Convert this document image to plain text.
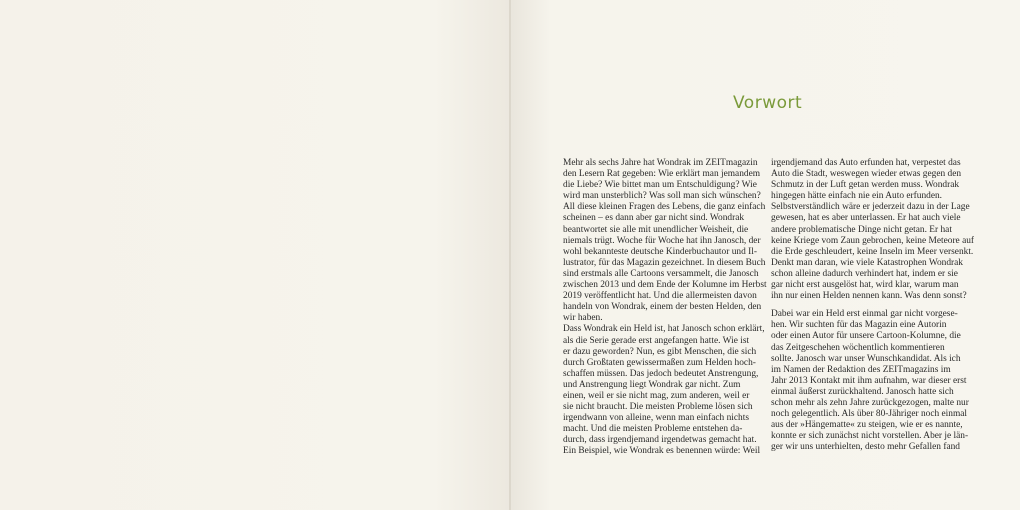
Vorwort
Mehr als sechs Jahre hat Wondrak im ZEITmagazin
den Lesern Rat gegeben: Wie erklärt man jemandem
die Liebe? Wie bittet man um Entschuldigung? Wie
wird man unsterblich? Was soll man sich wünschen?
All diese kleinen Fragen des Lebens, die ganz einfach
scheinen – es dann aber gar nicht sind. Wondrak
beantwortet sie alle mit unendlicher Weisheit, die
niemals trügt. Woche für Woche hat ihn Janosch, der
wohl bekannteste deutsche Kinderbuchautor und Il-
lustrator, für das Magazin gezeichnet. In diesem Buch
sind erstmals alle Cartoons versammelt, die Janosch
zwischen 2013 und dem Ende der Kolumne im Herbst
2019 veröffentlicht hat. Und die allermeisten davon
handeln von Wondrak, einem der besten Helden, den
wir haben.
Dass Wondrak ein Held ist, hat Janosch schon erklärt,
als die Serie gerade erst angefangen hatte. Wie ist
er dazu geworden? Nun, es gibt Menschen, die sich
durch Großtaten gewissermaßen zum Helden hoch-
schaffen müssen. Das jedoch bedeutet Anstrengung,
und Anstrengung liegt Wondrak gar nicht. Zum
einen, weil er sie nicht mag, zum anderen, weil er
sie nicht braucht. Die meisten Probleme lösen sich
irgendwann von alleine, wenn man einfach nichts
macht. Und die meisten Probleme entstehen da-
durch, dass irgendjemand irgendetwas gemacht hat.
Ein Beispiel, wie Wondrak es benennen würde: Weil
irgendjemand das Auto erfunden hat, verpestet das
Auto die Stadt, weswegen wieder etwas gegen den
Schmutz in der Luft getan werden muss. Wondrak
hingegen hätte einfach nie ein Auto erfunden.
Selbstverständlich wäre er jederzeit dazu in der Lage
gewesen, hat es aber unterlassen. Er hat auch viele
andere problematische Dinge nicht getan. Er hat
keine Kriege vom Zaun gebrochen, keine Meteore auf
die Erde geschleudert, keine Inseln im Meer versenkt.
Denkt man daran, wie viele Katastrophen Wondrak
schon alleine dadurch verhindert hat, indem er sie
gar nicht erst ausgelöst hat, wird klar, warum man
ihn nur einen Helden nennen kann. Was denn sonst?
Dabei war ein Held erst einmal gar nicht vorgese-
hen. Wir suchten für das Magazin eine Autorin
oder einen Autor für unsere Cartoon-Kolumne, die
das Zeitgeschehen wöchentlich kommentieren
sollte. Janosch war unser Wunschkandidat. Als ich
im Namen der Redaktion des ZEITmagazins im
Jahr 2013 Kontakt mit ihm aufnahm, war dieser erst
einmal äußerst zurückhaltend. Janosch hatte sich
schon mehr als zehn Jahre zurückgezogen, malte nur
noch gelegentlich. Als über 80-Jähriger noch einmal
aus der »Hängematte« zu steigen, wie er es nannte,
konnte er sich zunächst nicht vorstellen. Aber je län-
ger wir uns unterhielten, desto mehr Gefallen fand
